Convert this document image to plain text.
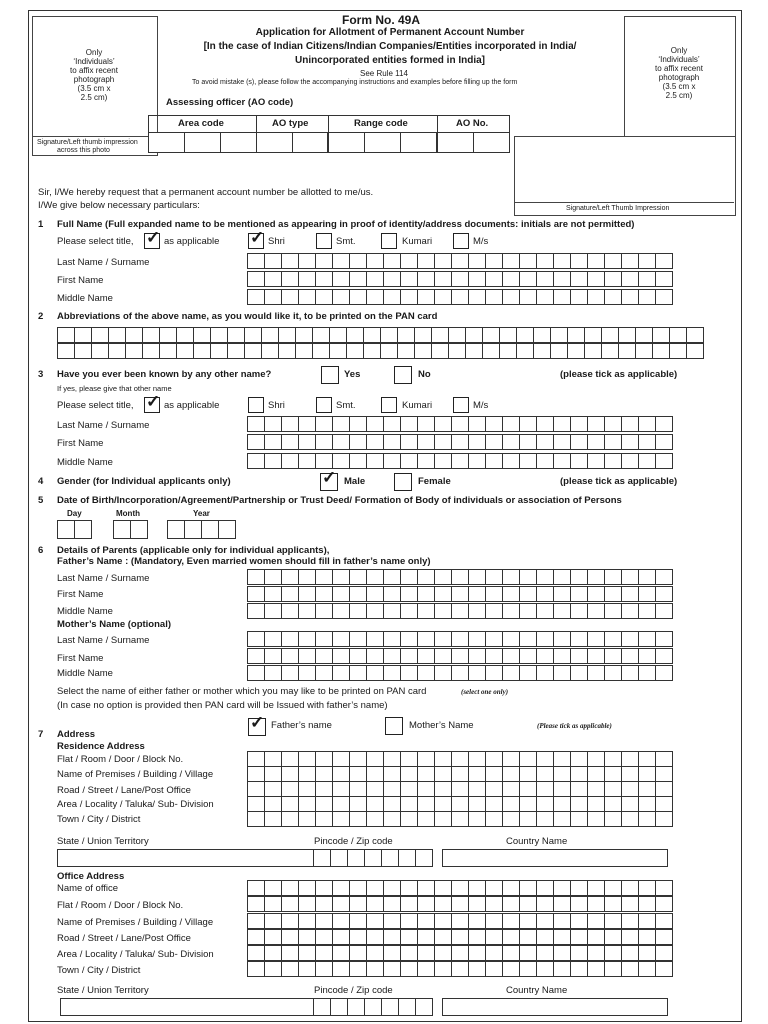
Only
‘Individuals’
to affix recent
photograph
(3.5 cm x
2.5 cm)
Signature/Left thumb impression
across this photo
Only
‘Individuals’
to affix recent
photograph
(3.5 cm x
2.5 cm)
Signature/Left Thumb Impression
Form No. 49A
Application for Allotment of Permanent Account Number
[In the case of Indian Citizens/Indian Companies/Entities incorporated in India/
Unincorporated entities formed in India]
See Rule 114
To avoid mistake (s), please follow the accompanying instructions and examples before filling up the form
Assessing officer (AO code)
Area code	AO type	Range code	AO No.
Sir, I/We hereby request that a permanent account number be allotted to me/us.
I/We give below necessary particulars:
1 Full Name (Full expanded name to be mentioned as appearing in proof of identity/address documents: initials are not permitted)
Please select title, ✓ as applicable ✓ Shri	Smt.	Kumari	M/s
Last Name / Surname
First Name
Middle Name
2 Abbreviations of the above name, as you would like it, to be printed on the PAN card
3 Have you ever been known by any other name?	Yes	No	(please tick as applicable)
If yes, please give that other name
Please select title, ✓ as applicable	Shri	Smt.	Kumari	M/s
Last Name / Surname
First Name
Middle Name
4 Gender (for Individual applicants only)	✓ Male	Female	(please tick as applicable)
5 Date of Birth/Incorporation/Agreement/Partnership or Trust Deed/ Formation of Body of individuals or association of Persons
Day	Month	Year
6 Details of Parents (applicable only for individual applicants),
Father’s Name : (Mandatory, Even married women should fill in father’s name only)
Last Name / Surname
First Name
Middle Name
Mother’s Name (optional)
Last Name / Surname
First Name
Middle Name
Select the name of either father or mother which you may like to be printed on PAN card	(select one only)
(In case no option is provided then PAN card will be Issued with father’s name)
✓ Father’s name	Mother’s Name	(Please tick as applicable)
7 Address
Residence Address
Flat / Room / Door / Block No.
Name of Premises / Building / Village
Road / Street / Lane/Post Office
Area / Locality / Taluka/ Sub- Division
Town / City / District
State / Union Territory	Pincode / Zip code	Country Name
Office Address
Name of office
Flat / Room / Door / Block No.
Name of Premises / Building / Village
Road / Street / Lane/Post Office
Area / Locality / Taluka/ Sub- Division
Town / City / District
State / Union Territory	Pincode / Zip code	Country Name
